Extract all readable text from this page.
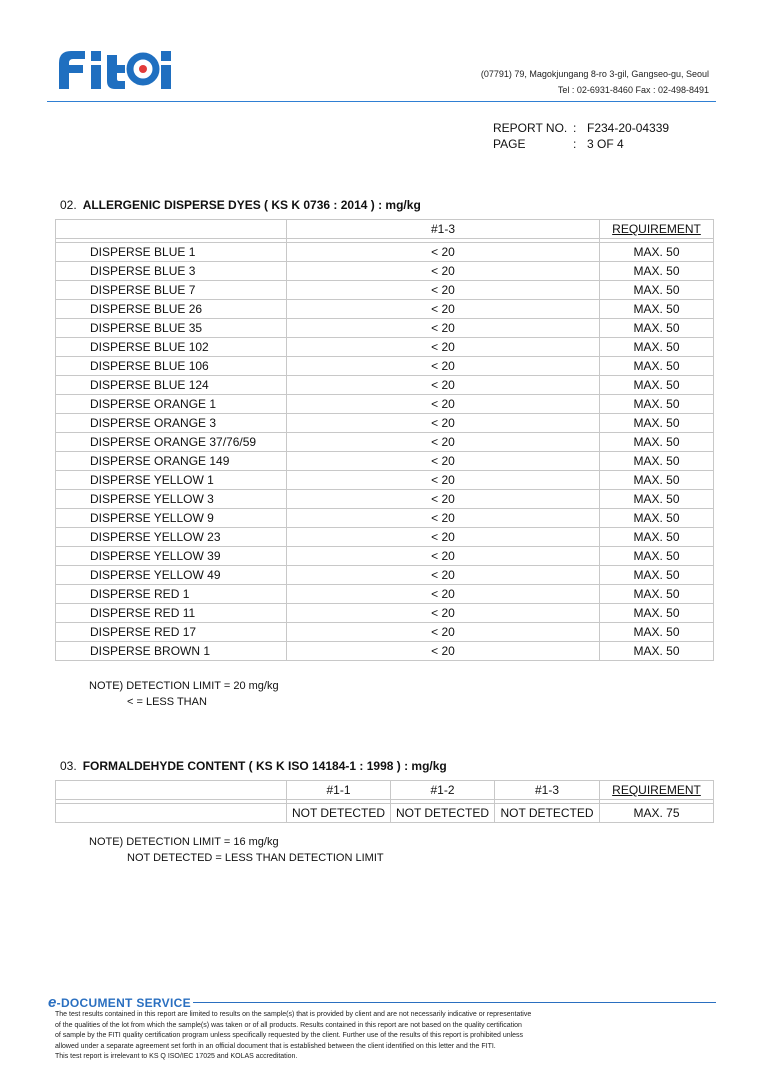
(07791) 79, Magokjungang 8-ro 3-gil, Gangseo-gu, Seoul
Tel : 02-6931-8460 Fax : 02-498-8491
REPORT NO. : F234-20-04339
PAGE	: 3 OF 4
02. ALLERGENIC DISPERSE DYES ( KS K 0736 : 2014 ) : mg/kg
	#1-3	REQUIREMENT

DISPERSE BLUE 1	< 20	MAX. 50
DISPERSE BLUE 3	< 20	MAX. 50
DISPERSE BLUE 7	< 20	MAX. 50
DISPERSE BLUE 26	< 20	MAX. 50
DISPERSE BLUE 35	< 20	MAX. 50
DISPERSE BLUE 102	< 20	MAX. 50
DISPERSE BLUE 106	< 20	MAX. 50
DISPERSE BLUE 124	< 20	MAX. 50
DISPERSE ORANGE 1	< 20	MAX. 50
DISPERSE ORANGE 3	< 20	MAX. 50
DISPERSE ORANGE 37/76/59	< 20	MAX. 50
DISPERSE ORANGE 149	< 20	MAX. 50
DISPERSE YELLOW 1	< 20	MAX. 50
DISPERSE YELLOW 3	< 20	MAX. 50
DISPERSE YELLOW 9	< 20	MAX. 50
DISPERSE YELLOW 23	< 20	MAX. 50
DISPERSE YELLOW 39	< 20	MAX. 50
DISPERSE YELLOW 49	< 20	MAX. 50
DISPERSE RED 1	< 20	MAX. 50
DISPERSE RED 11	< 20	MAX. 50
DISPERSE RED 17	< 20	MAX. 50
DISPERSE BROWN 1	< 20	MAX. 50
NOTE) DETECTION LIMIT = 20 mg/kg
< = LESS THAN
03. FORMALDEHYDE CONTENT ( KS K ISO 14184-1 : 1998 ) : mg/kg
	#1-1	#1-2	#1-3	REQUIREMENT

	NOT DETECTED	NOT DETECTED	NOT DETECTED	MAX. 75
NOTE) DETECTION LIMIT = 16 mg/kg
NOT DETECTED = LESS THAN DETECTION LIMIT
e-DOCUMENT SERVICE
The test results contained in this report are limited to results on the sample(s) that is provided by client and are not necessarily indicative or representative
of the qualities of the lot from which the sample(s) was taken or of all products. Results contained in this report are not based on the quality certification
of sample by the FITI quality certification program unless specifically requested by the client. Further use of the results of this report is prohibited unless
allowed under a separate agreement set forth in an official document that is established between the client identified on this letter and the FITI.
This test report is irrelevant to KS Q ISO/IEC 17025 and KOLAS accreditation.
